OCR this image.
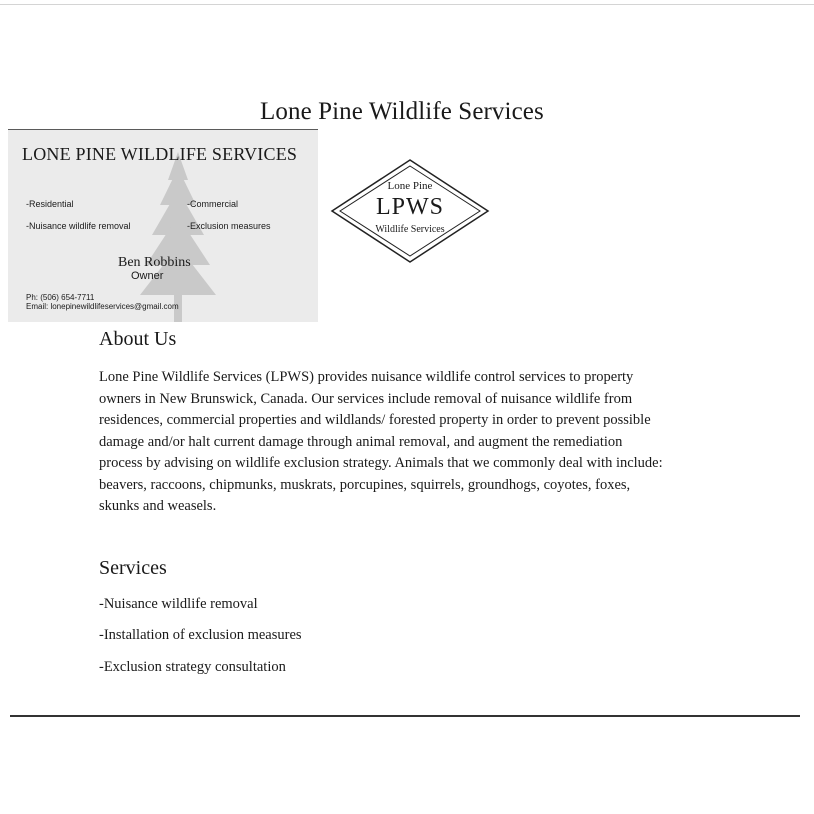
Lone Pine Wildlife Services
LONE PINE WILDLIFE SERVICES
-Residential
-Nuisance wildlife removal
-Commercial
-Exclusion measures
Ben Robbins
Owner
Ph: (506) 654-7711
Email: lonepinewildlifeservices@gmail.com
Lone Pine
LPWS
Wildlife Services
About Us
Lone Pine Wildlife Services (LPWS) provides nuisance wildlife control services to property
owners in New Brunswick, Canada. Our services include removal of nuisance wildlife from
residences, commercial properties and wildlands/ forested property in order to prevent possible
damage and/or halt current damage through animal removal, and augment the remediation
process by advising on wildlife exclusion strategy. Animals that we commonly deal with include:
beavers, raccoons, chipmunks, muskrats, porcupines, squirrels, groundhogs, coyotes, foxes,
skunks and weasels.
Services
-Nuisance wildlife removal
-Installation of exclusion measures
-Exclusion strategy consultation
